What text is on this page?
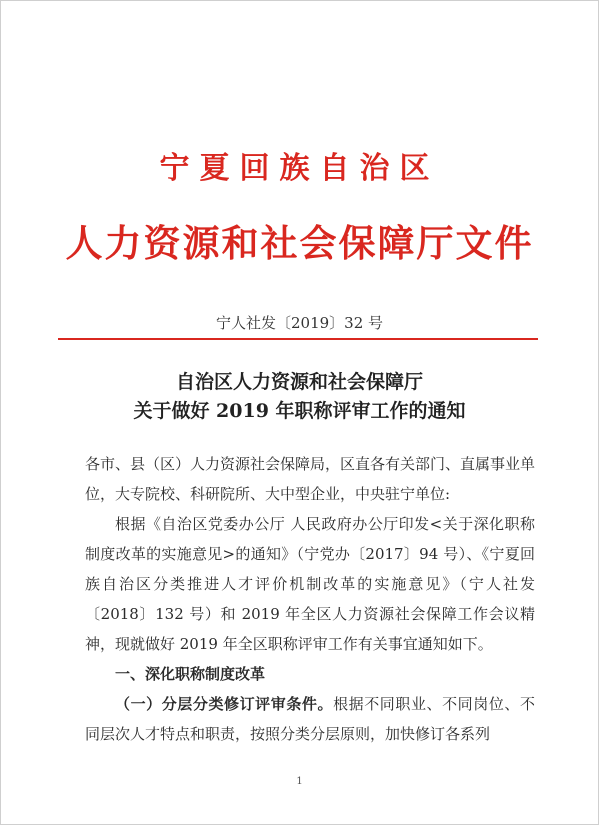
宁夏回族自治区
人力资源和社会保障厅文件
宁人社发〔2019〕32 号
自治区人力资源和社会保障厅
关于做好 2019 年职称评审工作的通知

各市、县（区）人力资源社会保障局，区直各有关部门、直属事业单位，大专院校、科研院所、大中型企业，中央驻宁单位:

根据《自治区党委办公厅 人民政府办公厅印发<关于深化职称制度改革的实施意见>的通知》（宁党办〔2017〕94 号）、《宁夏回族自治区分类推进人才评价机制改革的实施意见》（宁人社发〔2018〕132 号）和 2019 年全区人力资源社会保障工作会议精神，现就做好 2019 年全区职称评审工作有关事宜通知如下。

一、深化职称制度改革

（一）分层分类修订评审条件。根据不同职业、不同岗位、不同层次人才特点和职责，按照分类分层原则，加快修订各系列

1
